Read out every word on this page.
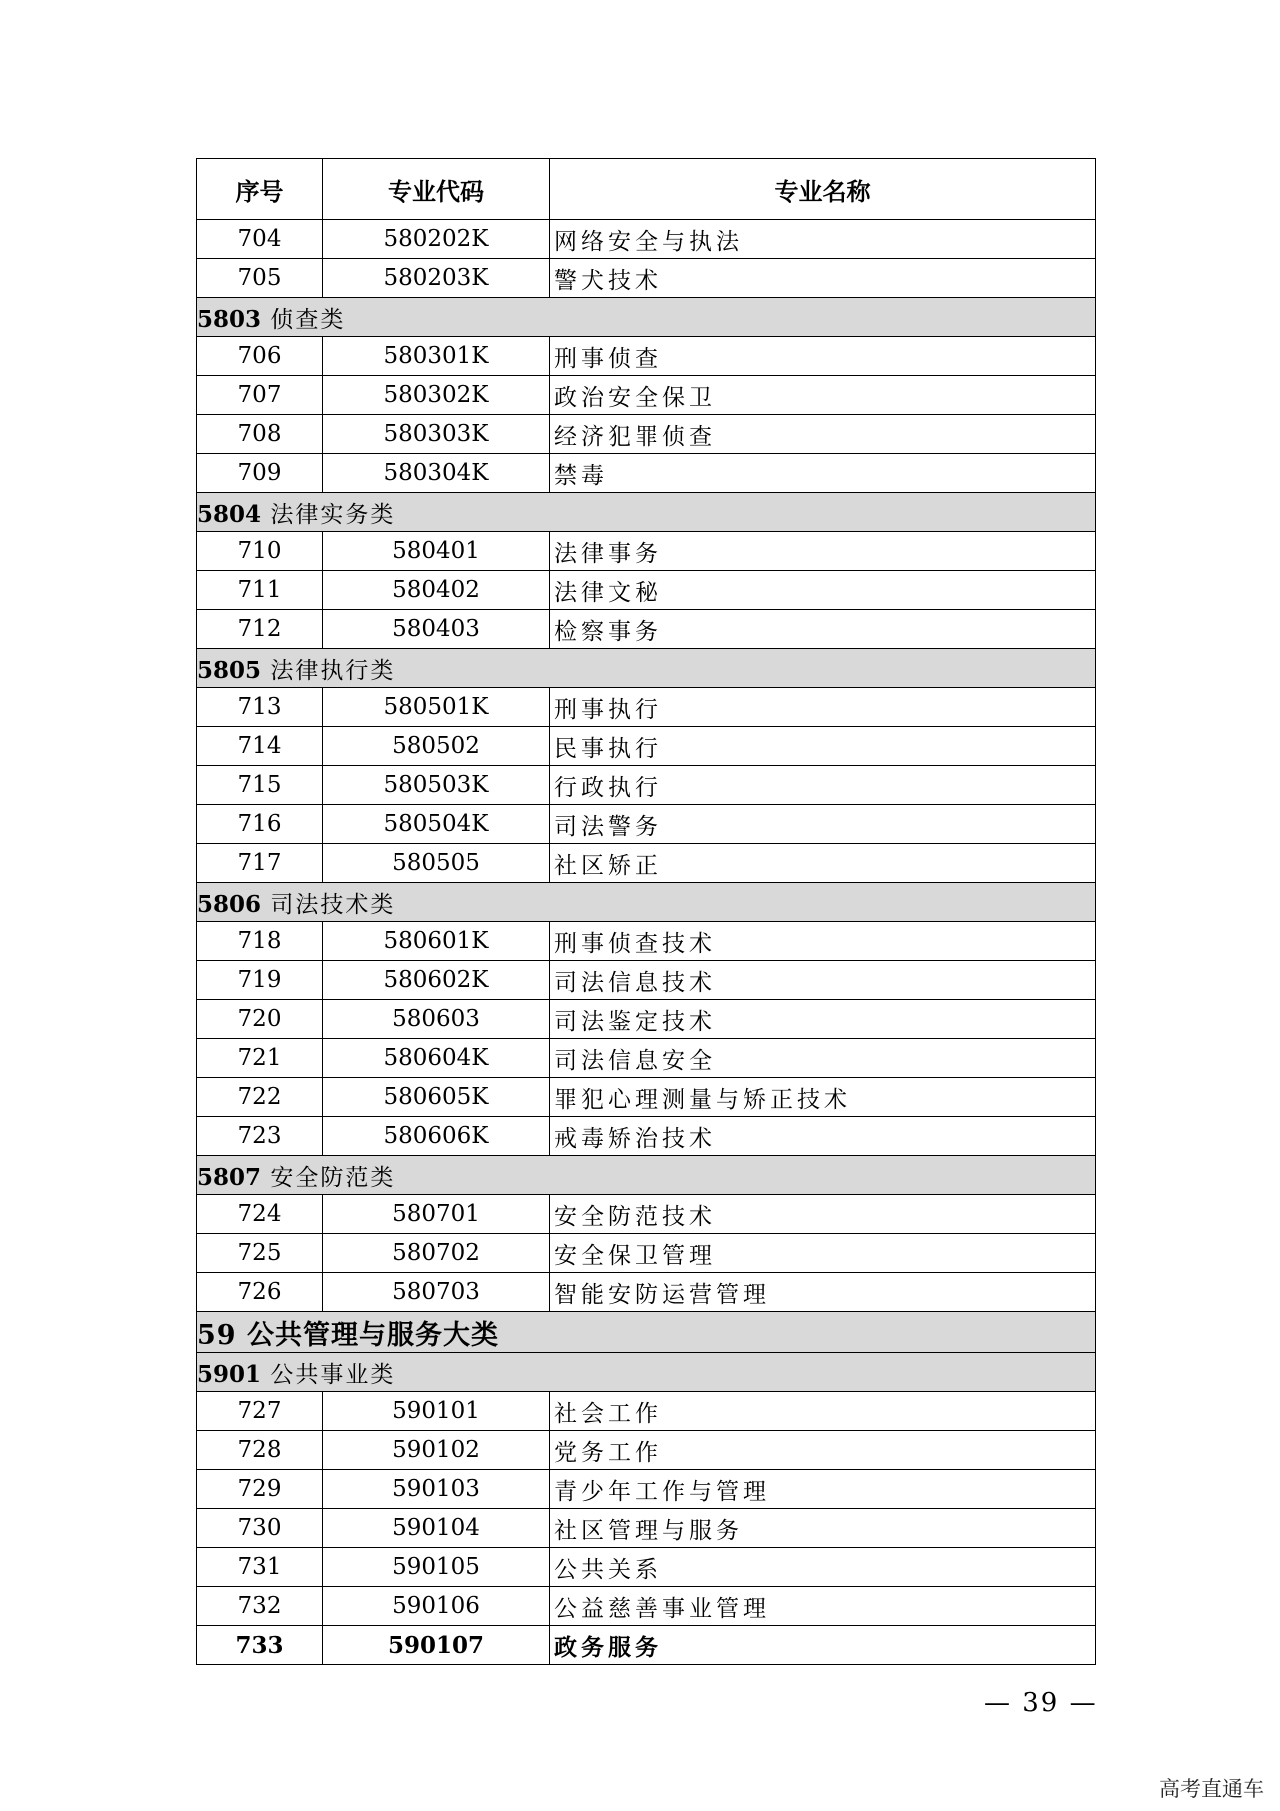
序号	专业代码	专业名称
704	580202K	网络安全与执法
705	580203K	警犬技术
5803 侦查类		
706	580301K	刑事侦查
707	580302K	政治安全保卫
708	580303K	经济犯罪侦查
709	580304K	禁毒
5804 法律实务类		
710	580401	法律事务
711	580402	法律文秘
712	580403	检察事务
5805 法律执行类		
713	580501K	刑事执行
714	580502	民事执行
715	580503K	行政执行
716	580504K	司法警务
717	580505	社区矫正
5806 司法技术类		
718	580601K	刑事侦查技术
719	580602K	司法信息技术
720	580603	司法鉴定技术
721	580604K	司法信息安全
722	580605K	罪犯心理测量与矫正技术
723	580606K	戒毒矫治技术
5807 安全防范类		
724	580701	安全防范技术
725	580702	安全保卫管理
726	580703	智能安防运营管理
59 公共管理与服务大类		
5901 公共事业类		
727	590101	社会工作
728	590102	党务工作
729	590103	青少年工作与管理
730	590104	社区管理与服务
731	590105	公共关系
732	590106	公益慈善事业管理
733	590107	政务服务
— 39 —
高考直通车
